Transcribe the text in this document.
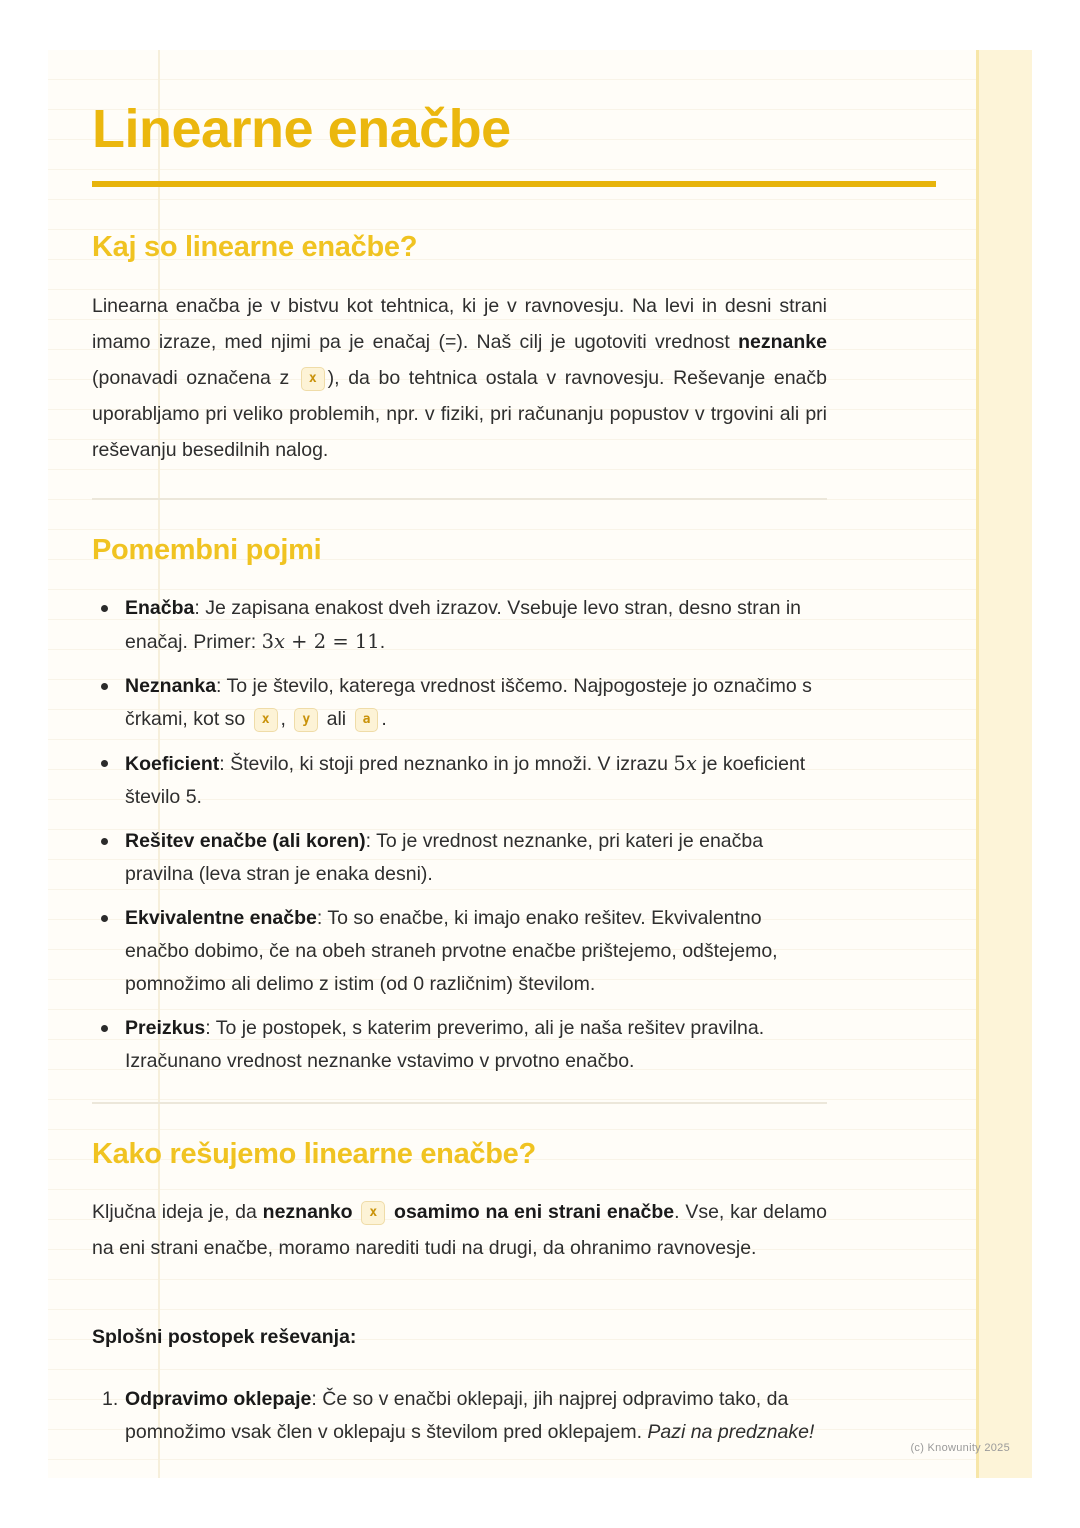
Linearne enačbe
Kaj so linearne enačbe?

Linearna enačba je v bistvu kot tehtnica, ki je v ravnovesju. Na levi in desni strani imamo izraze, med njimi pa je enačaj (=). Naš cilj je ugotoviti vrednost neznanke (ponavadi označena z x ), da bo tehtnica ostala v ravnovesju. Reševanje enačb uporabljamo pri veliko problemih, npr. v fiziki, pri računanju popustov v trgovini ali pri reševanju besedilnih nalog.

Pomembni pojmi
Enačba: Je zapisana enakost dveh izrazov. Vsebuje levo stran, desno stran in enačaj. Primer: 3x + 2 = 11.
Neznanka: To je število, katerega vrednost iščemo. Najpogosteje jo označimo s črkami, kot so x , y ali a .
Koeficient: Število, ki stoji pred neznanko in jo množi. V izrazu 5x je koeficient število 5.
Rešitev enačbe (ali koren): To je vrednost neznanke, pri kateri je enačba pravilna (leva stran je enaka desni).
Ekvivalentne enačbe: To so enačbe, ki imajo enako rešitev. Ekvivalentno enačbo dobimo, če na obeh straneh prvotne enačbe prištejemo, odštejemo, pomnožimo ali delimo z istim (od 0 različnim) številom.
Preizkus: To je postopek, s katerim preverimo, ali je naša rešitev pravilna. Izračunano vrednost neznanke vstavimo v prvotno enačbo.
Kako rešujemo linearne enačbe?

Ključna ideja je, da neznanko x osamimo na eni strani enačbe. Vse, kar delamo na eni strani enačbe, moramo narediti tudi na drugi, da ohranimo ravnovesje.

Splošni postopek reševanja:
1. Odpravimo oklepaje: Če so v enačbi oklepaji, jih najprej odpravimo tako, da pomnožimo vsak člen v oklepaju s številom pred oklepajem. Pazi na predznake!
(c) Knowunity 2025
